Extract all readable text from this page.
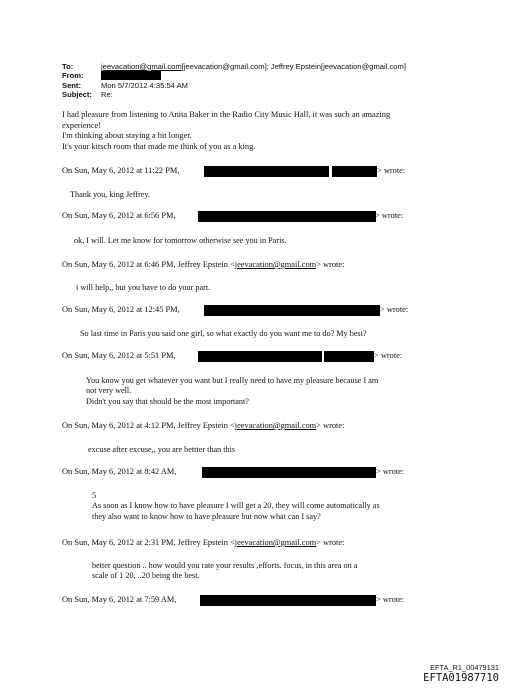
To:	jeevacation@gmail.com[jeevacation@gmail.com]; Jeffrey Epstein[jeevacation@gmail.com]
From:
Sent:	Mon 5/7/2012 4:35:54 AM
Subject:	Re:
I had pleasure from listening to Anita Baker in the Radio City Music Hall, it was such an amazing
experience!
I'm thinking about staying a bit longer.
It's your kitsch room that made me think of you as a king.
On Sun, May 6, 2012 at 11:22 PM,	> wrote:
Thank you, king Jeffrey.
On Sun, May 6, 2012 at 6:56 PM,	> wrote:
ok, I will. Let me know for tomorrow otherwise see you in Paris.
On Sun, May 6, 2012 at 6:46 PM, Jeffrey Epstein <jeevacation@gmail.com> wrote:
i will help,, but you have to do your part.
On Sun, May 6, 2012 at 12:45 PM,	> wrote:
So last time in Paris you said one girl, so what exactly do you want me to do? My best?
On Sun, May 6, 2012 at 5:51 PM,	> wrote:
You know you get whatever you want but I really need to have my pleasure because I am
not very well.
Didn't you say that should be the most important?
On Sun, May 6, 2012 at 4:12 PM, Jeffrey Epstein <jeevacation@gmail.com> wrote:
excuse after excuse,, you are bettter than this
On Sun, May 6, 2012 at 8:42 AM,	> wrote:
5
As soon as I know how to have pleasure I will get a 20, they will come automatically as
they also want to know how to have pleasure but now what can I say?
On Sun, May 6, 2012 at 2:31 PM, Jeffrey Epstein <jeevacation@gmail.com> wrote:
better question .. how would you rate your results ,efforts. focus, in this area on a
scale of 1 20, ..20 being the best.
On Sun, May 6, 2012 at 7:59 AM,	> wrote:
EFTA_R1_00479131
EFTA01987710
